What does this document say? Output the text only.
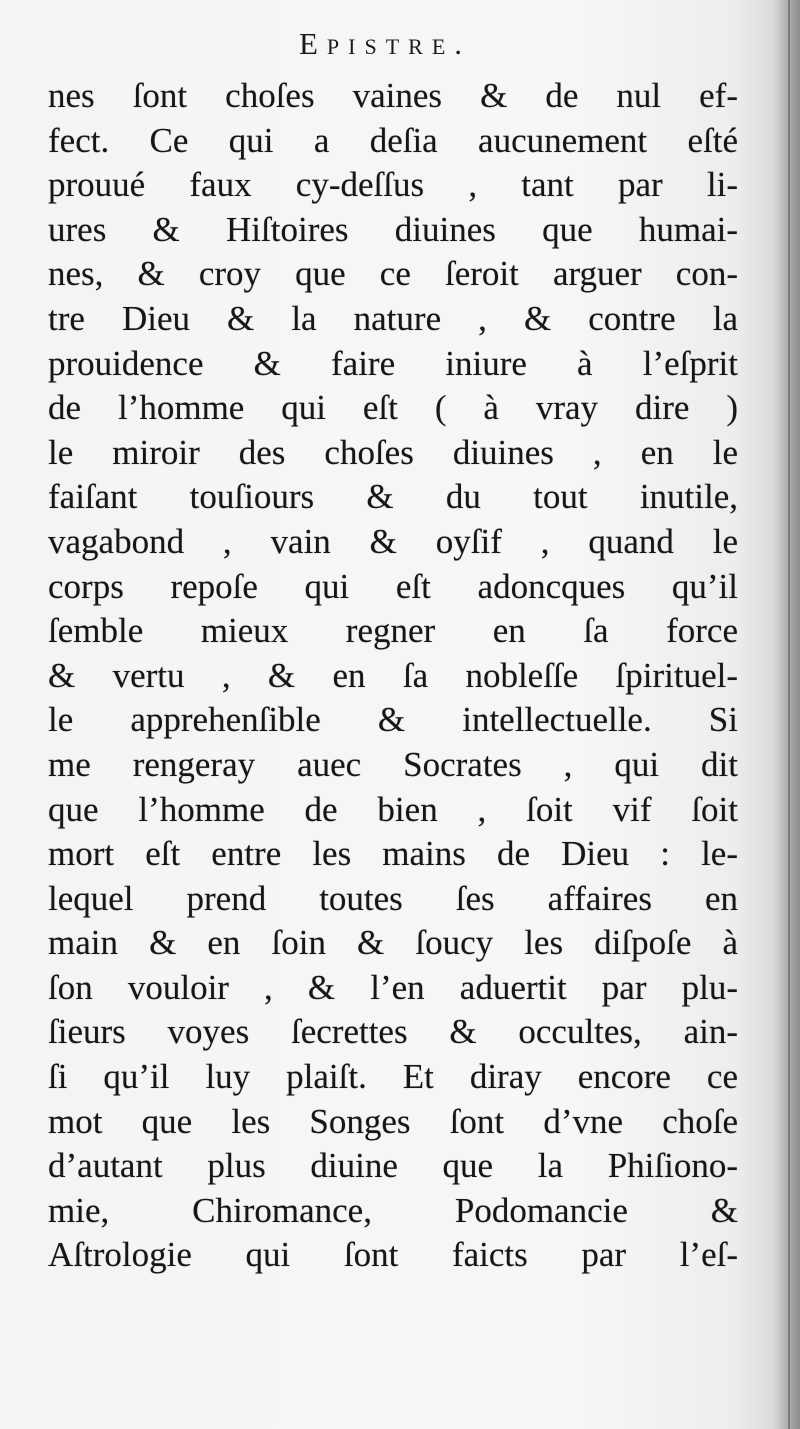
Epistre.
nes ſont choſes vaines & de nul ef-
fect. Ce qui a deſia aucunement eſté
prouué faux cy-deſſus , tant par li-
ures & Hiſtoires diuines que humai-
nes, & croy que ce ſeroit arguer con-
tre Dieu & la nature , & contre la
prouidence & faire iniure à l’eſprit
de l’homme qui eſt ( à vray dire )
le miroir des choſes diuines , en le
faiſant touſiours & du tout inutile,
vagabond , vain & oyſif , quand le
corps repoſe qui eſt adoncques qu’il
ſemble mieux regner en ſa force
& vertu , & en ſa nobleſſe ſpirituel-
le apprehenſible & intellectuelle. Si
me rengeray auec Socrates , qui dit
que l’homme de bien , ſoit vif ſoit
mort eſt entre les mains de Dieu : le-
lequel prend toutes ſes affaires en
main & en ſoin & ſoucy les diſpoſe à
ſon vouloir , & l’en aduertit par plu-
ſieurs voyes ſecrettes & occultes, ain-
ſi qu’il luy plaiſt. Et diray encore ce
mot que les Songes ſont d’vne choſe
d’autant plus diuine que la Phiſiono-
mie, Chiromance, Podomancie &
Aſtrologie qui ſont faicts par l’eſ-
